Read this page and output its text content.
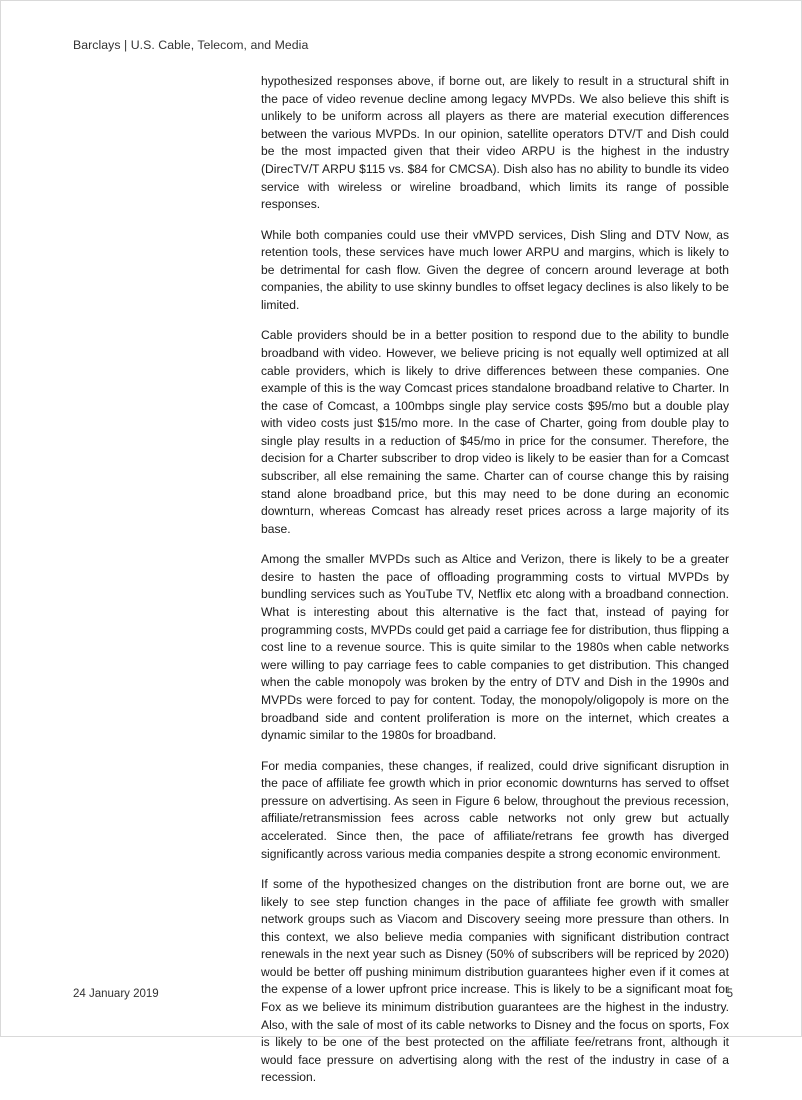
Barclays | U.S. Cable, Telecom, and Media

hypothesized responses above, if borne out, are likely to result in a structural shift in the pace of video revenue decline among legacy MVPDs. We also believe this shift is unlikely to be uniform across all players as there are material execution differences between the various MVPDs. In our opinion, satellite operators DTV/T and Dish could be the most impacted given that their video ARPU is the highest in the industry (DirecTV/T ARPU $115 vs. $84 for CMCSA). Dish also has no ability to bundle its video service with wireless or wireline broadband, which limits its range of possible responses.

While both companies could use their vMVPD services, Dish Sling and DTV Now, as retention tools, these services have much lower ARPU and margins, which is likely to be detrimental for cash flow. Given the degree of concern around leverage at both companies, the ability to use skinny bundles to offset legacy declines is also likely to be limited.

Cable providers should be in a better position to respond due to the ability to bundle broadband with video. However, we believe pricing is not equally well optimized at all cable providers, which is likely to drive differences between these companies. One example of this is the way Comcast prices standalone broadband relative to Charter. In the case of Comcast, a 100mbps single play service costs $95/mo but a double play with video costs just $15/mo more. In the case of Charter, going from double play to single play results in a reduction of $45/mo in price for the consumer. Therefore, the decision for a Charter subscriber to drop video is likely to be easier than for a Comcast subscriber, all else remaining the same. Charter can of course change this by raising stand alone broadband price, but this may need to be done during an economic downturn, whereas Comcast has already reset prices across a large majority of its base.

Among the smaller MVPDs such as Altice and Verizon, there is likely to be a greater desire to hasten the pace of offloading programming costs to virtual MVPDs by bundling services such as YouTube TV, Netflix etc along with a broadband connection. What is interesting about this alternative is the fact that, instead of paying for programming costs, MVPDs could get paid a carriage fee for distribution, thus flipping a cost line to a revenue source. This is quite similar to the 1980s when cable networks were willing to pay carriage fees to cable companies to get distribution. This changed when the cable monopoly was broken by the entry of DTV and Dish in the 1990s and MVPDs were forced to pay for content. Today, the monopoly/oligopoly is more on the broadband side and content proliferation is more on the internet, which creates a dynamic similar to the 1980s for broadband.

For media companies, these changes, if realized, could drive significant disruption in the pace of affiliate fee growth which in prior economic downturns has served to offset pressure on advertising. As seen in Figure 6 below, throughout the previous recession, affiliate/retransmission fees across cable networks not only grew but actually accelerated. Since then, the pace of affiliate/retrans fee growth has diverged significantly across various media companies despite a strong economic environment.

If some of the hypothesized changes on the distribution front are borne out, we are likely to see step function changes in the pace of affiliate fee growth with smaller network groups such as Viacom and Discovery seeing more pressure than others. In this context, we also believe media companies with significant distribution contract renewals in the next year such as Disney (50% of subscribers will be repriced by 2020) would be better off pushing minimum distribution guarantees higher even if it comes at the expense of a lower upfront price increase. This is likely to be a significant moat for Fox as we believe its minimum distribution guarantees are the highest in the industry. Also, with the sale of most of its cable networks to Disney and the focus on sports, Fox is likely to be one of the best protected on the affiliate fee/retrans front, although it would face pressure on advertising along with the rest of the industry in case of a recession.

24 January 2019	5
